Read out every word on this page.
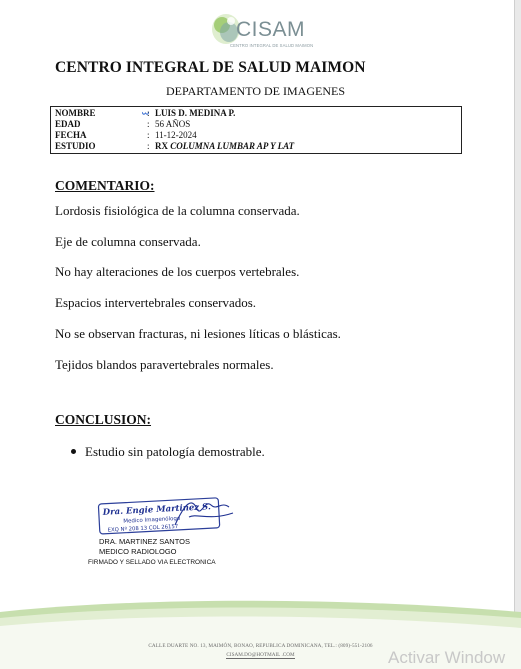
CISAM
CENTRO INTEGRAL DE SALUD MAIMON
CENTRO INTEGRAL DE SALUD MAIMON
DEPARTAMENTO DE IMAGENES
NOMBRE	: LUIS D. MEDINA P.
EDAD	: 56 AÑOS
FECHA	: 11-12-2024
ESTUDIO	: RX COLUMNA LUMBAR AP Y LAT
COMENTARIO:
Lordosis fisiológica de la columna conservada.
Eje de columna conservada.
No hay alteraciones de los cuerpos vertebrales.
Espacios intervertebrales conservados.
No se observan fracturas, ni lesiones líticas o blásticas.
Tejidos blandos paravertebrales normales.
CONCLUSION:
Estudio sin patología demostrable.
Dra. Engie Martinez S.
Medico Imagenólogo
EXQ Nº 208 13 COL 26157
DRA. MARTINEZ SANTOS
MEDICO RADIOLOGO
FIRMADO Y SELLADO VIA ELECTRONICA
CALLE DUARTE NO. 13, MAIMÓN, BONAO, REPUBLICA DOMINICANA, TEL.: (809)-551-2106
CISAM.DO@HOTMAIL .COM	Activar Window
